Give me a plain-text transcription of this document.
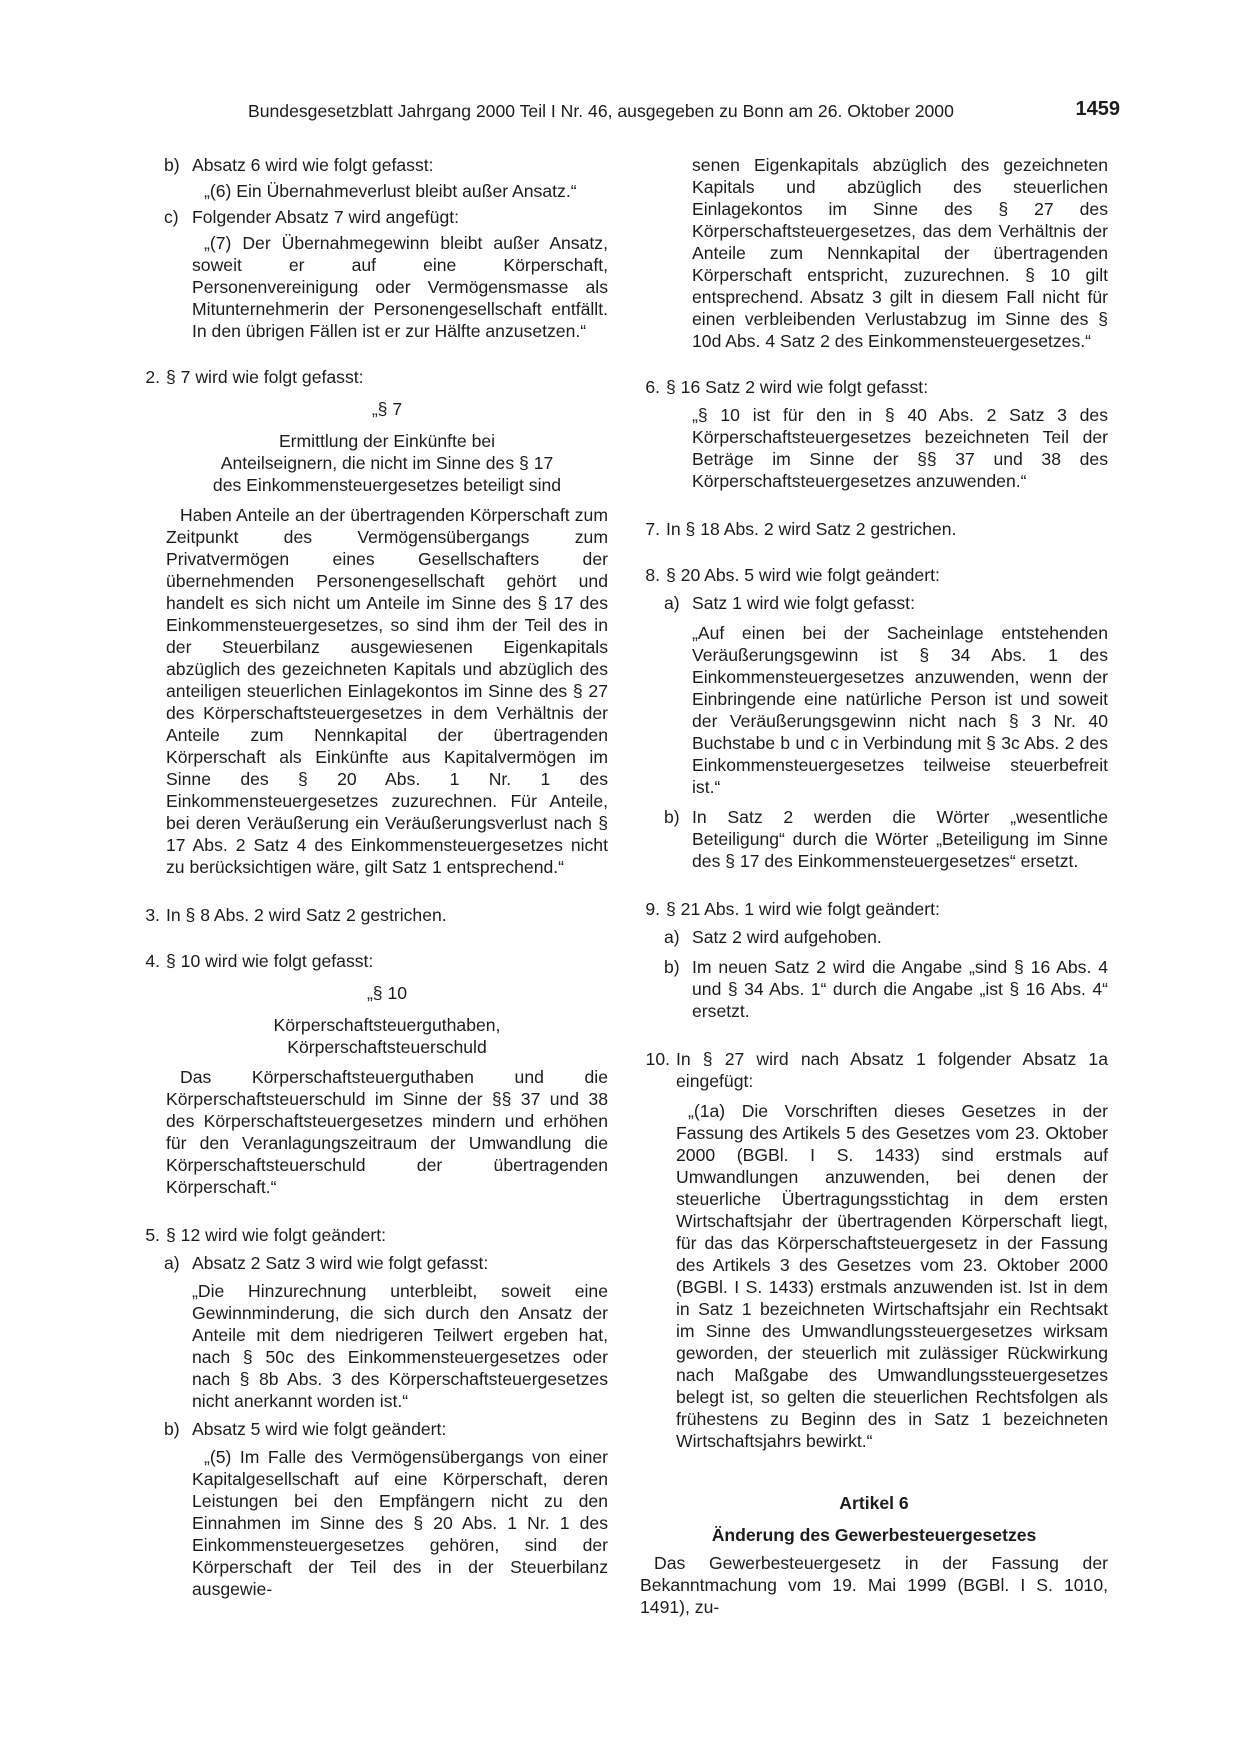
Bundesgesetzblatt Jahrgang 2000 Teil I Nr. 46, ausgegeben zu Bonn am 26. Oktober 2000	1459
b) Absatz 6 wird wie folgt gefasst:

„(6) Ein Übernahmeverlust bleibt außer Ansatz.“

c) Folgender Absatz 7 wird angefügt:

„(7) Der Übernahmegewinn bleibt außer Ansatz, soweit er auf eine Körperschaft, Personenvereinigung oder Vermögensmasse als Mitunternehmerin der Personengesellschaft entfällt. In den übrigen Fällen ist er zur Hälfte anzusetzen.“

2. § 7 wird wie folgt gefasst:

„§ 7

Ermittlung der Einkünfte bei

Anteilseignern, die nicht im Sinne des § 17

des Einkommensteuergesetzes beteiligt sind

Haben Anteile an der übertragenden Körperschaft zum Zeitpunkt des Vermögensübergangs zum Privatvermögen eines Gesellschafters der übernehmenden Personengesellschaft gehört und handelt es sich nicht um Anteile im Sinne des § 17 des Einkommensteuergesetzes, so sind ihm der Teil des in der Steuerbilanz ausgewiesenen Eigenkapitals abzüglich des gezeichneten Kapitals und abzüglich des anteiligen steuerlichen Einlagekontos im Sinne des § 27 des Körperschaftsteuergesetzes in dem Verhältnis der Anteile zum Nennkapital der übertragenden Körperschaft als Einkünfte aus Kapitalvermögen im Sinne des § 20 Abs. 1 Nr. 1 des Einkommensteuergesetzes zuzurechnen. Für Anteile, bei deren Veräußerung ein Veräußerungsverlust nach § 17 Abs. 2 Satz 4 des Einkommensteuergesetzes nicht zu berücksichtigen wäre, gilt Satz 1 entsprechend.“

3. In § 8 Abs. 2 wird Satz 2 gestrichen.

4. § 10 wird wie folgt gefasst:

„§ 10

Körperschaftsteuerguthaben,

Körperschaftsteuerschuld

Das Körperschaftsteuerguthaben und die Körperschaftsteuerschuld im Sinne der §§ 37 und 38 des Körperschaftsteuergesetzes mindern und erhöhen für den Veranlagungszeitraum der Umwandlung die Körperschaftsteuerschuld der übertragenden Körperschaft.“

5. § 12 wird wie folgt geändert:

a) Absatz 2 Satz 3 wird wie folgt gefasst:

„Die Hinzurechnung unterbleibt, soweit eine Gewinnminderung, die sich durch den Ansatz der Anteile mit dem niedrigeren Teilwert ergeben hat, nach § 50c des Einkommensteuergesetzes oder nach § 8b Abs. 3 des Körperschaftsteuergesetzes nicht anerkannt worden ist.“

b) Absatz 5 wird wie folgt geändert:

„(5) Im Falle des Vermögensübergangs von einer Kapitalgesellschaft auf eine Körperschaft, deren Leistungen bei den Empfängern nicht zu den Einnahmen im Sinne des § 20 Abs. 1 Nr. 1 des Einkommensteuergesetzes gehören, sind der Körperschaft der Teil des in der Steuerbilanz ausgewie-

senen Eigenkapitals abzüglich des gezeichneten Kapitals und abzüglich des steuerlichen Einlagekontos im Sinne des § 27 des Körperschaftsteuergesetzes, das dem Verhältnis der Anteile zum Nennkapital der übertragenden Körperschaft entspricht, zuzurechnen. § 10 gilt entsprechend. Absatz 3 gilt in diesem Fall nicht für einen verbleibenden Verlustabzug im Sinne des § 10d Abs. 4 Satz 2 des Einkommensteuergesetzes.“

6. § 16 Satz 2 wird wie folgt gefasst:

„§ 10 ist für den in § 40 Abs. 2 Satz 3 des Körperschaftsteuergesetzes bezeichneten Teil der Beträge im Sinne der §§ 37 und 38 des Körperschaftsteuergesetzes anzuwenden.“

7. In § 18 Abs. 2 wird Satz 2 gestrichen.

8. § 20 Abs. 5 wird wie folgt geändert:

a) Satz 1 wird wie folgt gefasst:

„Auf einen bei der Sacheinlage entstehenden Veräußerungsgewinn ist § 34 Abs. 1 des Einkommensteuergesetzes anzuwenden, wenn der Einbringende eine natürliche Person ist und soweit der Veräußerungsgewinn nicht nach § 3 Nr. 40 Buchstabe b und c in Verbindung mit § 3c Abs. 2 des Einkommensteuergesetzes teilweise steuerbefreit ist.“

b) In Satz 2 werden die Wörter „wesentliche Beteiligung“ durch die Wörter „Beteiligung im Sinne des § 17 des Einkommensteuergesetzes“ ersetzt.

9. § 21 Abs. 1 wird wie folgt geändert:

a) Satz 2 wird aufgehoben.

b) Im neuen Satz 2 wird die Angabe „sind § 16 Abs. 4 und § 34 Abs. 1“ durch die Angabe „ist § 16 Abs. 4“ ersetzt.

10. In § 27 wird nach Absatz 1 folgender Absatz 1a eingefügt:

„(1a) Die Vorschriften dieses Gesetzes in der Fassung des Artikels 5 des Gesetzes vom 23. Oktober 2000 (BGBl. I S. 1433) sind erstmals auf Umwandlungen anzuwenden, bei denen der steuerliche Übertragungsstichtag in dem ersten Wirtschaftsjahr der übertragenden Körperschaft liegt, für das das Körperschaftsteuergesetz in der Fassung des Artikels 3 des Gesetzes vom 23. Oktober 2000 (BGBl. I S. 1433) erstmals anzuwenden ist. Ist in dem in Satz 1 bezeichneten Wirtschaftsjahr ein Rechtsakt im Sinne des Umwandlungssteuergesetzes wirksam geworden, der steuerlich mit zulässiger Rückwirkung nach Maßgabe des Umwandlungssteuergesetzes belegt ist, so gelten die steuerlichen Rechtsfolgen als frühestens zu Beginn des in Satz 1 bezeichneten Wirtschaftsjahrs bewirkt.“

Artikel 6

Änderung des Gewerbesteuergesetzes

Das Gewerbesteuergesetz in der Fassung der Bekanntmachung vom 19. Mai 1999 (BGBl. I S. 1010, 1491), zu-
